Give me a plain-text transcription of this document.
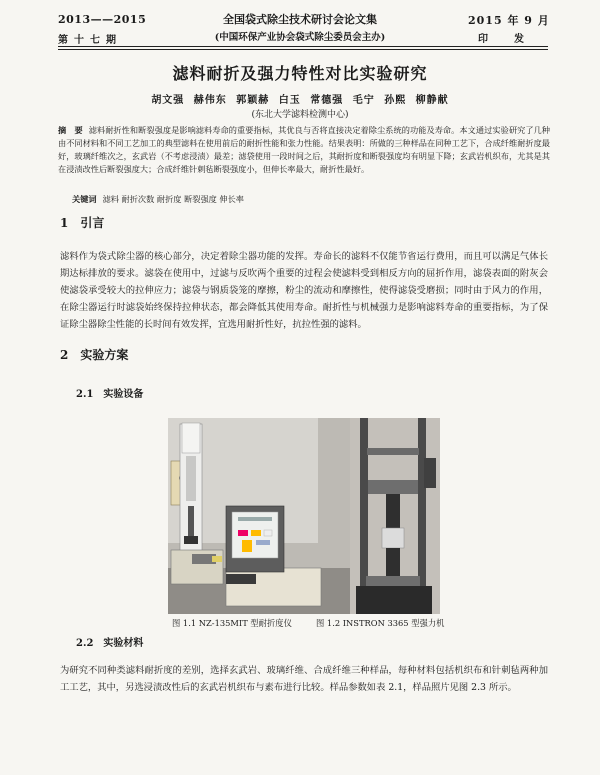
2013——2015
第十七期
全国袋式除尘技术研讨会论文集
(中国环保产业协会袋式除尘委员会主办)
2015 年 9 月
印发
滤料耐折及强力特性对比实验研究
胡文强 赫伟东 郭颖赫 白玉 常德强 毛宁 孙熙 柳静献
(东北大学滤料检测中心)
摘　要 滤料耐折性和断裂强度是影响滤料寿命的重要指标，其优良与否将直接决定着除尘系统的功能及寿命。本文通过实验研究了几种由不同材料和不同工艺加工的典型滤料在使用前后的耐折性能和张力性能。结果表明：所做的三种样品在同种工艺下，合成纤维耐折度最好，玻璃纤维次之，玄武岩（不考虑浸渍）最差；滤袋使用一段时间之后，其耐折度和断裂强度均有明显下降；玄武岩机织布，尤其是其在浸渍改性后断裂强度大；合成纤维针刺毡断裂强度小，但伸长率最大，耐折性最好。
关键词 滤料 耐折次数 耐折度 断裂强度 伸长率
1　引言
滤料作为袋式除尘器的核心部分，决定着除尘器功能的发挥。寿命长的滤料不仅能节省运行费用，而且可以满足气体长期达标排放的要求。滤袋在使用中，过滤与反吹两个重要的过程会使滤料受到相反方向的屈折作用，滤袋表面的附灰会使滤袋承受较大的拉伸应力；滤袋与钢质袋笼的摩擦，粉尘的流动和摩擦性，使得滤袋受磨损；同时由于风力的作用，在除尘器运行时滤袋始终保持拉伸状态，都会降低其使用寿命。耐折性与机械强力是影响滤料寿命的重要指标，为了保证除尘器除尘性能的长时间有效发挥，宜选用耐折性好，抗拉性强的滤料。
2　实验方案
2.1　实验设备
图 1.1 NZ-135MIT 型耐折度仪	图 1.2 INSTRON 3365 型强力机
2.2　实验材料
为研究不同种类滤料耐折度的差别，选择玄武岩、玻璃纤维、合成纤维三种样品，每种材料包括机织布和针刺毡两种加工工艺，其中，另选浸渍改性后的玄武岩机织布与素布进行比较。样品参数如表 2.1，样品照片见图 2.3 所示。
